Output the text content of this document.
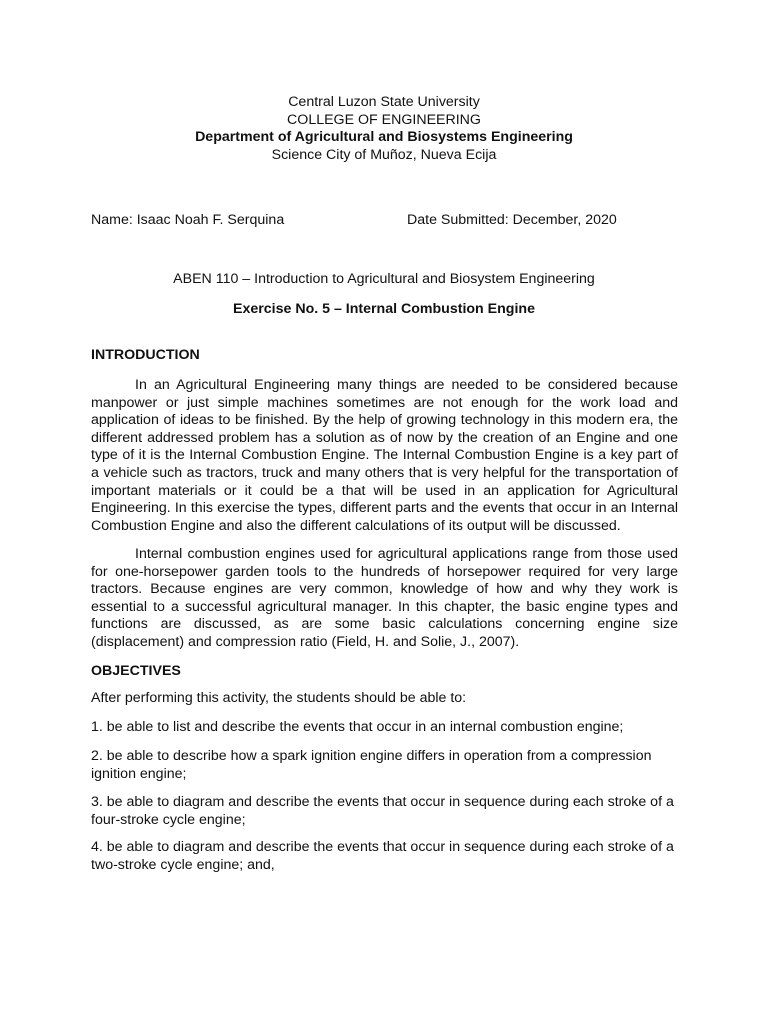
Central Luzon State University
COLLEGE OF ENGINEERING
Department of Agricultural and Biosystems Engineering
Science City of Muñoz, Nueva Ecija
Name: Isaac Noah F. Serquina	Date Submitted: December, 2020
ABEN 110 – Introduction to Agricultural and Biosystem Engineering
Exercise No. 5 – Internal Combustion Engine
INTRODUCTION

In an Agricultural Engineering many things are needed to be considered because manpower or just simple machines sometimes are not enough for the work load and application of ideas to be finished. By the help of growing technology in this modern era, the different addressed problem has a solution as of now by the creation of an Engine and one type of it is the Internal Combustion Engine. The Internal Combustion Engine is a key part of a vehicle such as tractors, truck and many others that is very helpful for the transportation of important materials or it could be a that will be used in an application for Agricultural Engineering. In this exercise the types, different parts and the events that occur in an Internal Combustion Engine and also the different calculations of its output will be discussed.

Internal combustion engines used for agricultural applications range from those used for one-horsepower garden tools to the hundreds of horsepower required for very large tractors. Because engines are very common, knowledge of how and why they work is essential to a successful agricultural manager. In this chapter, the basic engine types and functions are discussed, as are some basic calculations concerning engine size (displacement) and compression ratio (Field, H. and Solie, J., 2007).

OBJECTIVES

After performing this activity, the students should be able to:

1. be able to list and describe the events that occur in an internal combustion engine;

2. be able to describe how a spark ignition engine differs in operation from a compression ignition engine;

3. be able to diagram and describe the events that occur in sequence during each stroke of a four-stroke cycle engine;

4. be able to diagram and describe the events that occur in sequence during each stroke of a two-stroke cycle engine; and,
